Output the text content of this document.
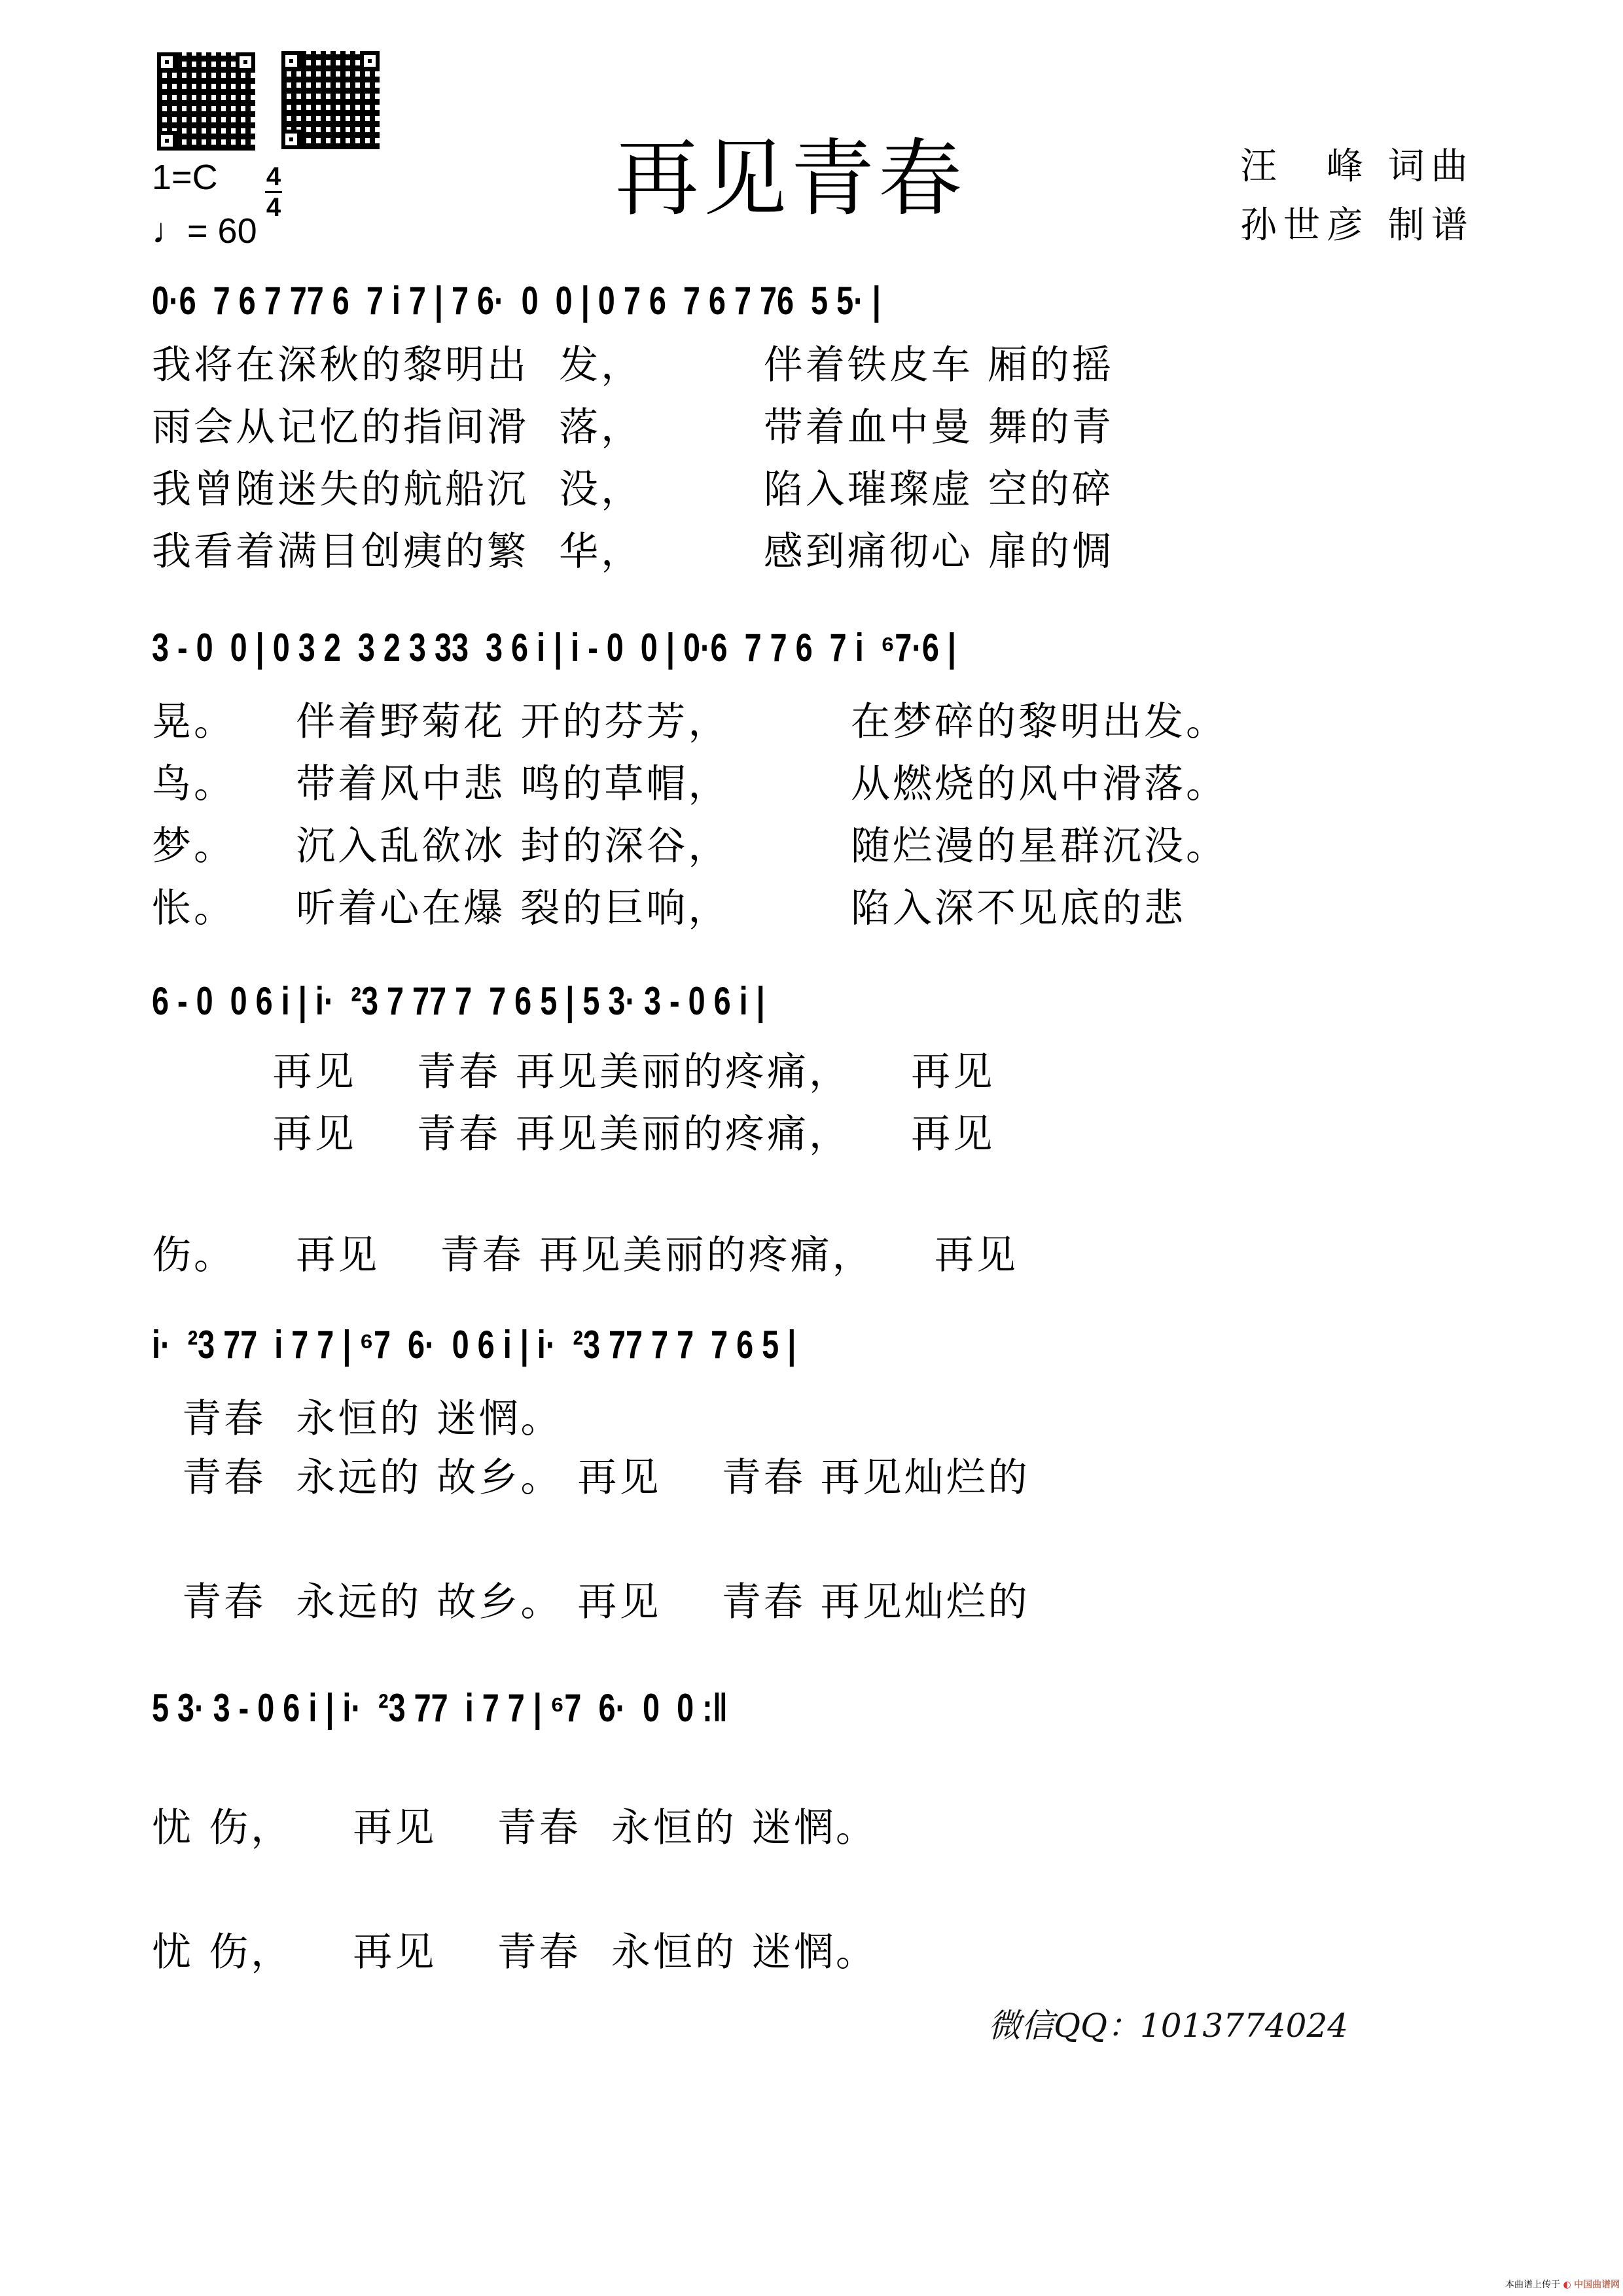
再见青春	汪　峰 词曲
孙世彦 制谱
1=C 4
4
♩= 60
0·6  7 6 7 77 6  7 i 7 | 7 6·  0  0 | 0 7 6  7 6 7 76  5 5· |
我将在深秋的黎明出  发，        伴着铁皮车 厢的摇
雨会从记忆的指间滑  落，        带着血中曼 舞的青
我曾随迷失的航船沉  没，        陷入璀璨虚 空的碎
我看着满目创痍的繁  华，        感到痛彻心 扉的惆
3 - 0  0 | 0 3 2  3 2 3 33  3 6 i | i - 0  0 | 0·6  7 7 6  7 i  ⁶7·6 |
晃。    伴着野菊花 开的芬芳，        在梦碎的黎明出发。
鸟。    带着风中悲 鸣的草帽，        从燃烧的风中滑落。
梦。    沉入乱欲冰 封的深谷，        随烂漫的星群沉没。
怅。    听着心在爆 裂的巨响，        陷入深不见底的悲
6 - 0  0 6 i | i·  ²3 7 77 7  7 6 5 | 5 3· 3 - 0 6 i |
再见    青春 再见美丽的疼痛，    再见
再见    青春 再见美丽的疼痛，    再见
伤。    再见    青春 再见美丽的疼痛，    再见
i·  ²3 77  i 7 7 | ⁶7  6·  0 6 i | i·  ²3 77 7 7  7 6 5 |
青春  永恒的 迷惘。
青春  永远的 故乡。 再见    青春 再见灿烂的
青春  永远的 故乡。 再见    青春 再见灿烂的
5 3· 3 - 0 6 i | i·  ²3 77  i 7 7 | ⁶7  6·  0  0 :‖
忧 伤，    再见    青春  永恒的 迷惘。
忧 伤，    再见    青春  永恒的 迷惘。
微信QQ：1013774024
本曲谱上传于 ◐ 中国曲谱网
